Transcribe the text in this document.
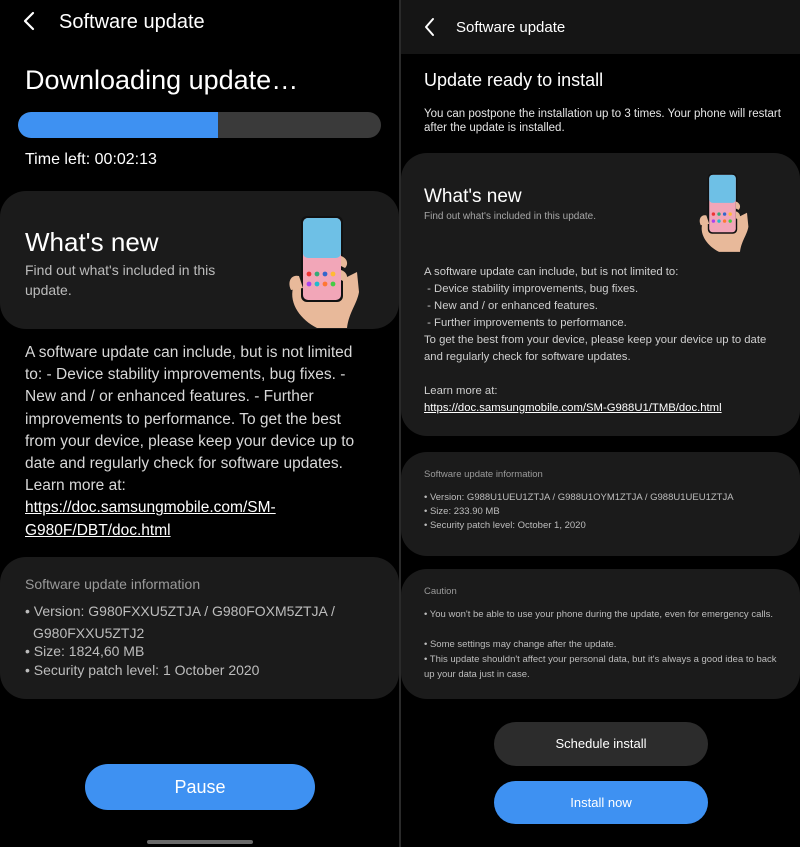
Software update
Downloading update…
Time left: 00:02:13
What's new
Find out what's included in this update.
A software update can include, but is not limited to: - Device stability improvements, bug fixes. - New and / or enhanced features. - Further improvements to performance. To get the best from your device, please keep your device up to date and regularly check for software updates. Learn more at: https://doc.samsungmobile.com/SM-G980F/DBT/doc.html
Software update information
• Version: G980FXXU5ZTJA / G980FOXM5ZTJA /
G980FXXU5ZTJ2
• Size: 1824,60 MB
• Security patch level: 1 October 2020
Pause
Software update
Update ready to install
You can postpone the installation up to 3 times. Your phone will restart after the update is installed.
What's new
Find out what's included in this update.
A software update can include, but is not limited to:
- Device stability improvements, bug fixes.
- New and / or enhanced features.
- Further improvements to performance.
To get the best from your device, please keep your device up to date and regularly check for software updates.
Learn more at:
https://doc.samsungmobile.com/SM-G988U1/TMB/doc.html
Software update information
• Version: G988U1UEU1ZTJA / G988U1OYM1ZTJA / G988U1UEU1ZTJA
• Size: 233.90 MB
• Security patch level: October 1, 2020
Caution
• You won't be able to use your phone during the update, even for emergency calls.
• Some settings may change after the update.
• This update shouldn't affect your personal data, but it's always a good idea to back up your data just in case.
Schedule install
Install now
